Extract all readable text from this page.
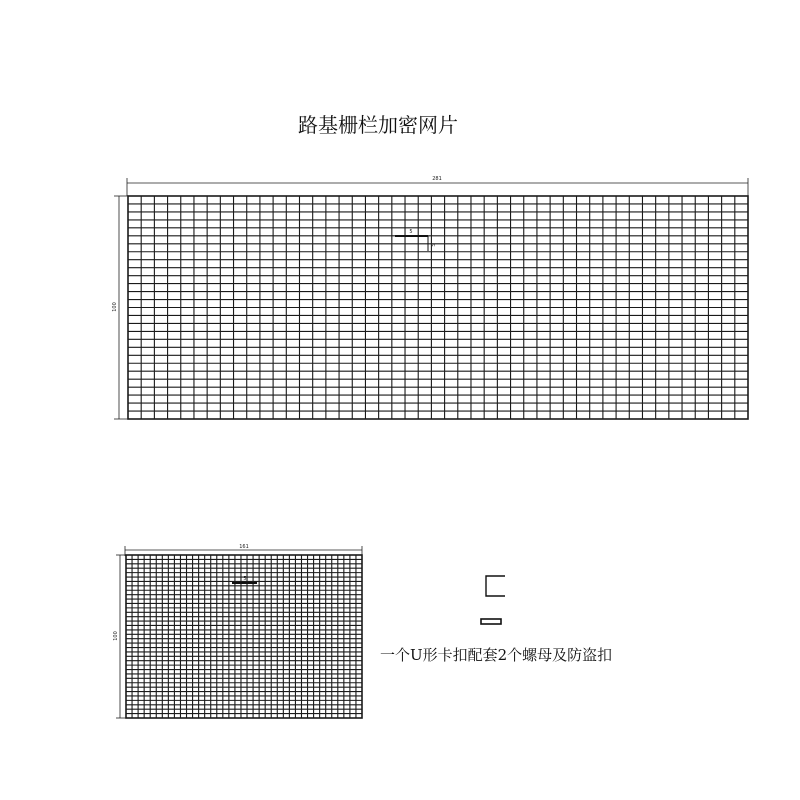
路基栅栏加密网片
281
100
5
5
161
100
5
一个U形卡扣配套2个螺母及防盗扣
